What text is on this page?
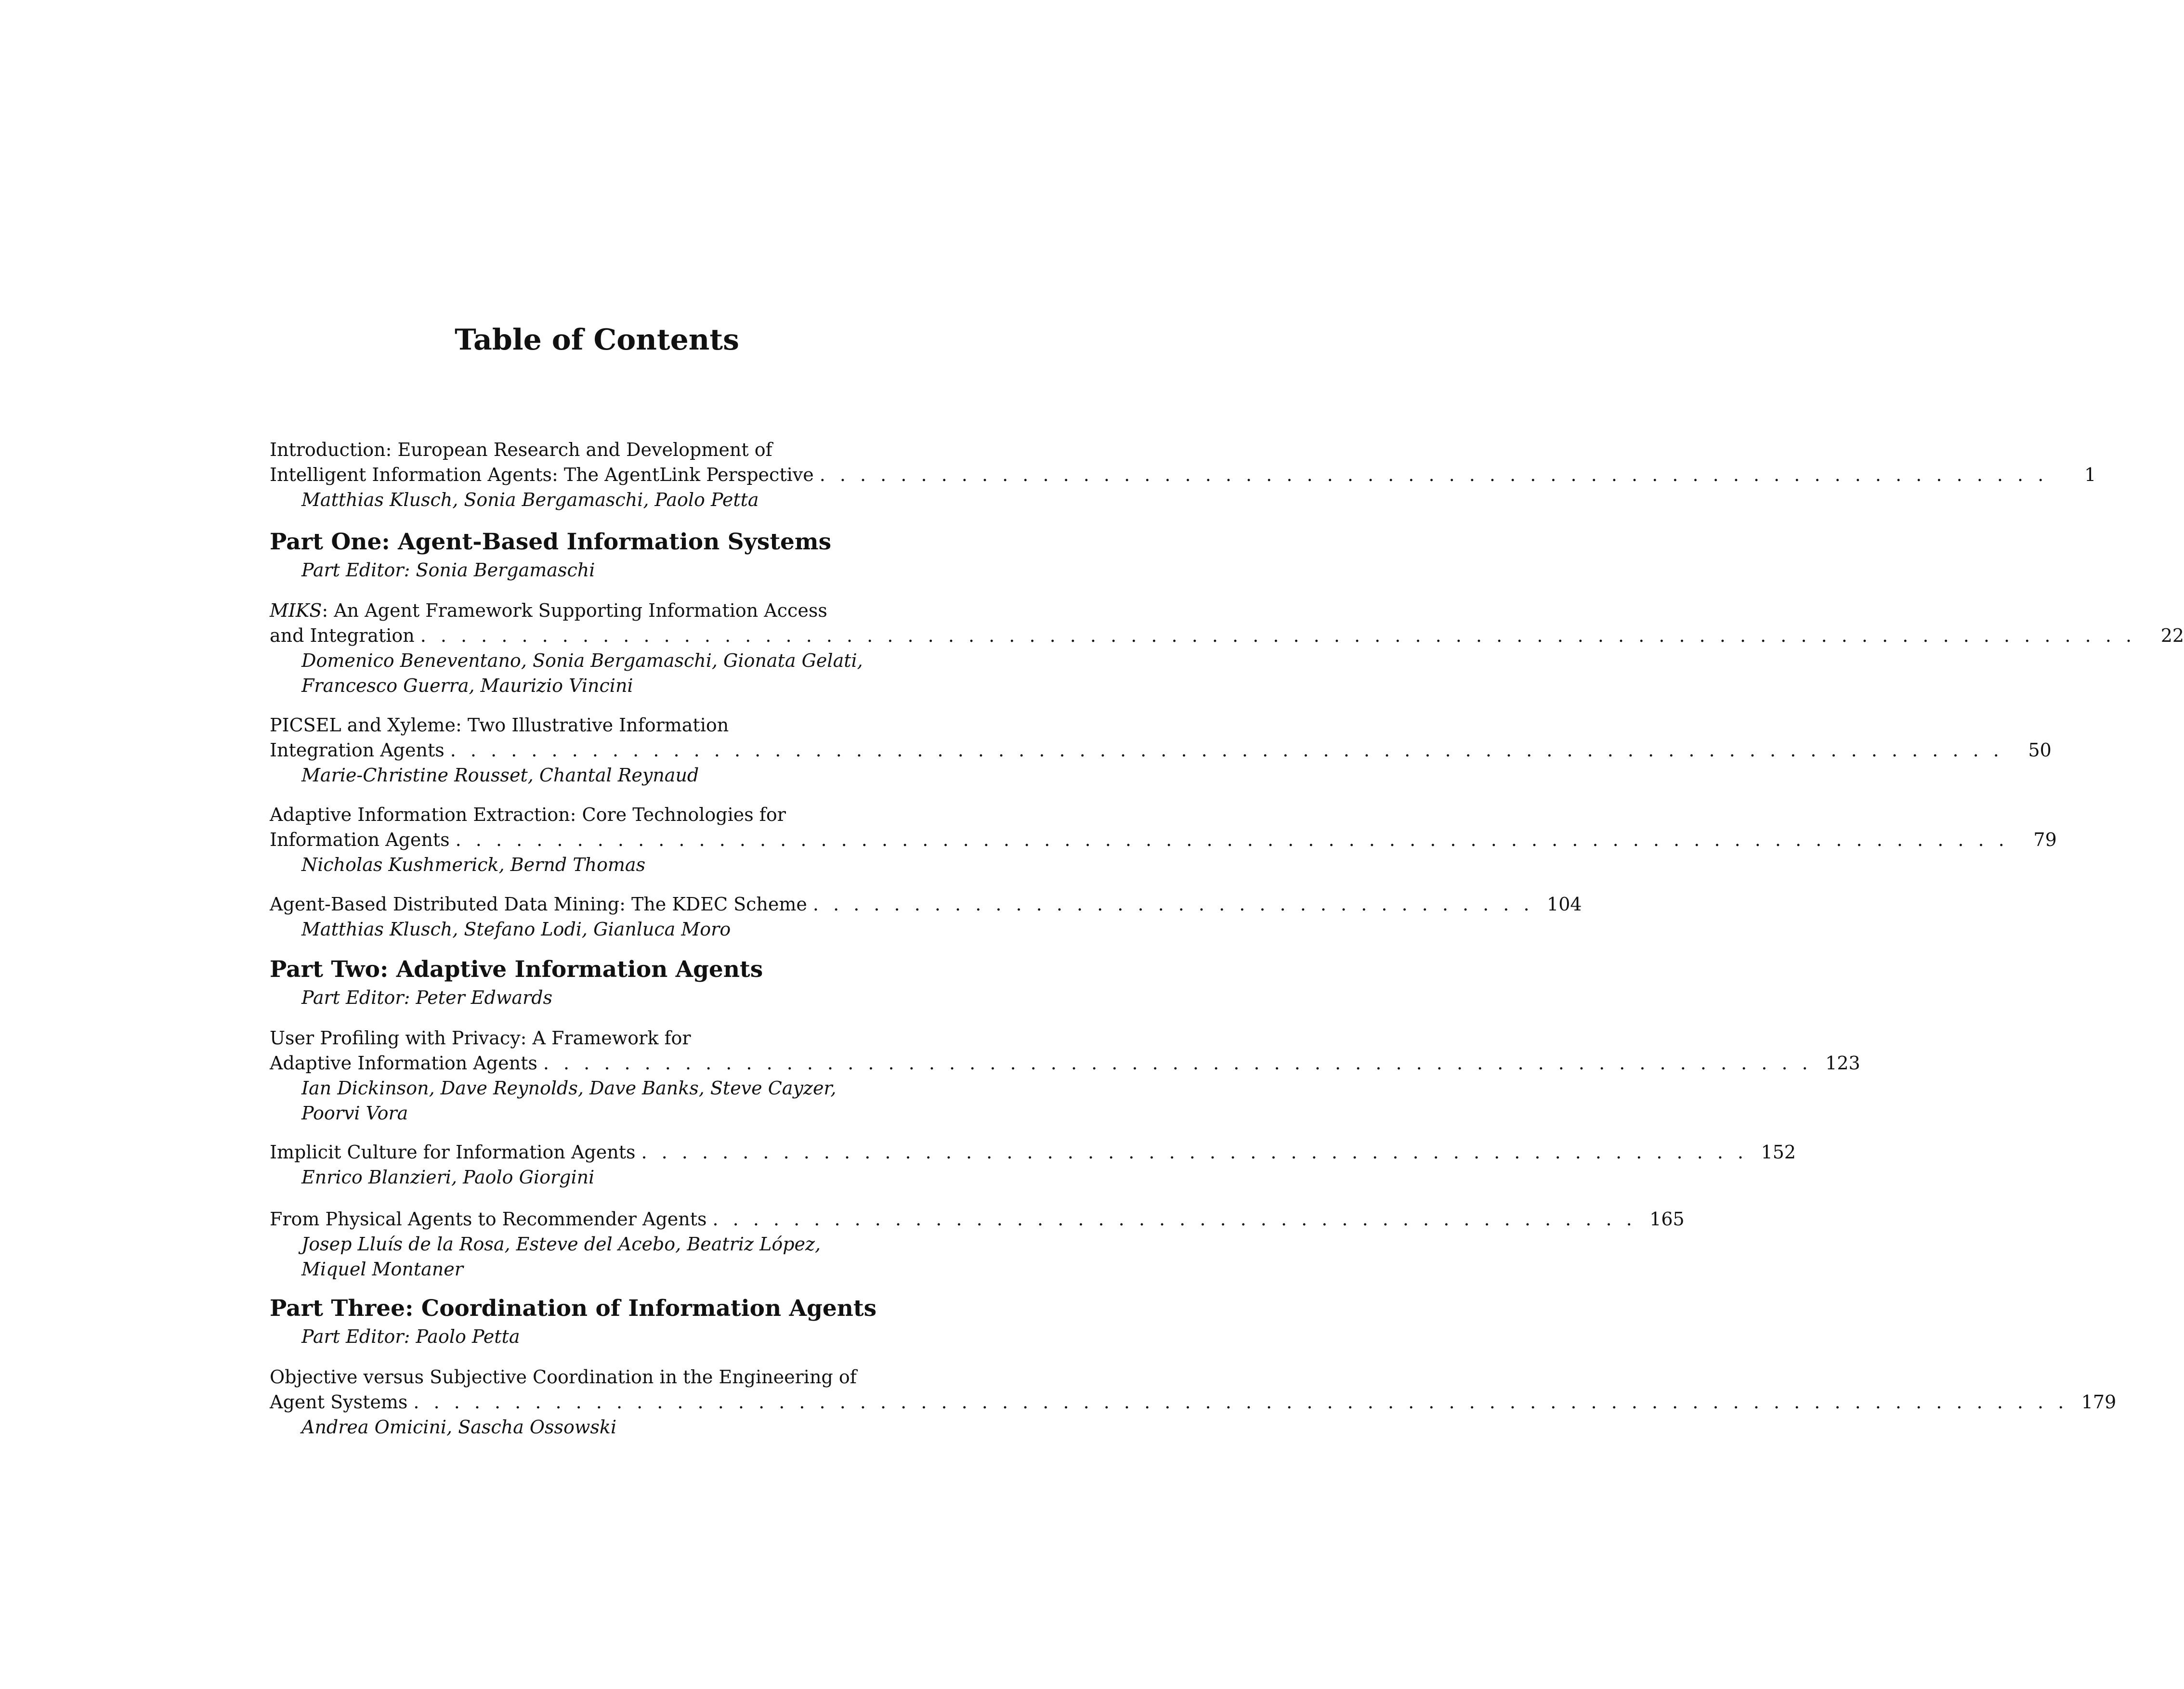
Table of Contents
Introduction: European Research and Development of
Intelligent Information Agents: The AgentLink Perspective . . . . . . . . . . . . . . . . . . . . . . . . . . . . . . . . . . . . . . . . . . . . . . . . . . . . . . . . . . . . .	1
Matthias Klusch, Sonia Bergamaschi, Paolo Petta
Part One: Agent-Based Information Systems
Part Editor: Sonia Bergamaschi
MIKS: An Agent Framework Supporting Information Access
and Integration . . . . . . . . . . . . . . . . . . . . . . . . . . . . . . . . . . . . . . . . . . . . . . . . . . . . . . . . . . . . . . . . . . . . . . . . . . . . . . . . . . . . .	22
Domenico Beneventano, Sonia Bergamaschi, Gionata Gelati,
Francesco Guerra, Maurizio Vincini
PICSEL and Xyleme: Two Illustrative Information
Integration Agents . . . . . . . . . . . . . . . . . . . . . . . . . . . . . . . . . . . . . . . . . . . . . . . . . . . . . . . . . . . . . . . . . . . . . . . . . . . . .	50
Marie-Christine Rousset, Chantal Reynaud
Adaptive Information Extraction: Core Technologies for
Information Agents . . . . . . . . . . . . . . . . . . . . . . . . . . . . . . . . . . . . . . . . . . . . . . . . . . . . . . . . . . . . . . . . . . . . . . . . . . . . .	79
Nicholas Kushmerick, Bernd Thomas
Agent-Based Distributed Data Mining: The KDEC Scheme . . . . . . . . . . . . . . . . . . . . . . . . . . . . . . . . . . . . 104
Matthias Klusch, Stefano Lodi, Gianluca Moro
Part Two: Adaptive Information Agents
Part Editor: Peter Edwards
User Profiling with Privacy: A Framework for
Adaptive Information Agents . . . . . . . . . . . . . . . . . . . . . . . . . . . . . . . . . . . . . . . . . . . . . . . . . . . . . . . . . . . . . . . 123
Ian Dickinson, Dave Reynolds, Dave Banks, Steve Cayzer,
Poorvi Vora
Implicit Culture for Information Agents . . . . . . . . . . . . . . . . . . . . . . . . . . . . . . . . . . . . . . . . . . . . . . . . . . . . . . . 152
Enrico Blanzieri, Paolo Giorgini
From Physical Agents to Recommender Agents . . . . . . . . . . . . . . . . . . . . . . . . . . . . . . . . . . . . . . . . . . . . . . 165
Josep Lluís de la Rosa, Esteve del Acebo, Beatriz López,
Miquel Montaner
Part Three: Coordination of Information Agents
Part Editor: Paolo Petta
Objective versus Subjective Coordination in the Engineering of
Agent Systems . . . . . . . . . . . . . . . . . . . . . . . . . . . . . . . . . . . . . . . . . . . . . . . . . . . . . . . . . . . . . . . . . . . . . . . . . . . . . . . . . . 179
Andrea Omicini, Sascha Ossowski
